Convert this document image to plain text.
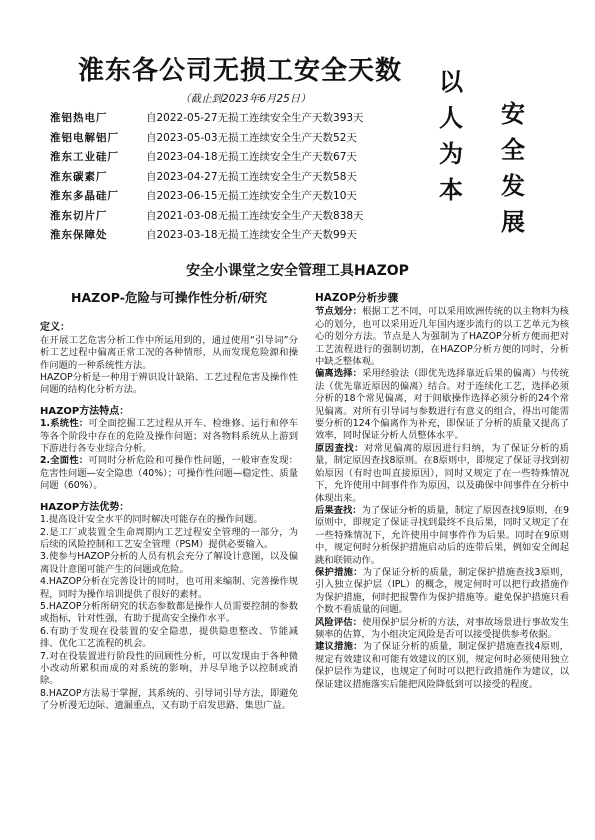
淮东各公司无损工安全天数
（截止到2023年6月25日）
淮铝热电厂	自2022-05-27无损工连续安全生产天数393天
淮铝电解铝厂	自2023-05-03无损工连续安全生产天数52天
淮东工业硅厂	自2023-04-18无损工连续安全生产天数67天
淮东碳素厂	自2023-04-27无损工连续安全生产天数58天
淮东多晶硅厂	自2023-06-15无损工连续安全生产天数10天
淮东切片厂	自2021-03-08无损工连续安全生产天数838天
淮东保障处	自2023-03-18无损工连续安全生产天数99天
以
人
为
本
安
全
发
展
安全小课堂之安全管理工具HAZOP
HAZOP-危险与可操作性分析/研究
定义：

在开展工艺危害分析工作中所运用到的，通过使用“引导词”分析工艺过程中偏离正常工况的各种情形，从而发现危险源和操作问题的一种系统性方法。

HAZOP分析是一种用于辨识设计缺陷、工艺过程危害及操作性问题的结构化分析方法。

HAZOP方法特点：

1.系统性：可全面挖掘工艺过程从开车、检维修、运行和停车等各个阶段中存在的危险及操作问题；对各物料系统从上游到下游进行各专业综合分析。

2.全面性：可同时分析危险和可操作性问题，一般审查发现：危害性问题—安全隐患（40%）；可操作性问题—稳定性、质量问题（60%）。

HAZOP方法优势：

1.提高设计安全水平的同时解决可能存在的操作问题。

2.是工厂或装置全生命周期内工艺过程安全管理的一部分，为后续的风险控制和工艺安全管理（PSM）提供必要输入。

3.使参与HAZOP分析的人员有机会充分了解设计意图，以及偏离设计意图可能产生的问题或危险。

4.HAZOP分析在完善设计的同时，也可用来编制、完善操作规程，同时为操作培训提供了很好的素材。

5.HAZOP分析所研究的状态参数都是操作人员需要控制的参数或指标，针对性强，有助于提高安全操作水平。

6.有助于发现在役装置的安全隐患，提供隐患整改、节能减排、优化工艺流程的机会。

7.对在役装置进行阶段性的回顾性分析，可以发现由于各种微小改动所累积而成的对系统的影响，并尽早地予以控制或消除。

8.HAZOP方法易于掌握，其系统的、引导词引导方法，即避免了分析漫无边际、遗漏重点，又有助于启发思路、集思广益。

HAZOP分析步骤

节点划分：根据工艺不同，可以采用欧洲传统的以主物料为核心的划分，也可以采用近几年国内逐步流行的以工艺单元为核心的划分方法。节点是人为强制为了HAZOP分析方便而把对工艺流程进行的强制切割，在HAZOP分析方便的同时，分析中缺乏整体观。

偏离选择：采用经验法（即优先选择靠近后果的偏离）与传统法（优先靠近原因的偏离）结合。对于连续化工艺，选择必须分析的18个常见偏离，对于间歇操作选择必须分析的24个常见偏离。对所有引导词与参数进行有意义的组合，得出可能需要分析的124个偏离作为补充，即保证了分析的质量又提高了效率，同时保证分析人员整体水平。

原因查找：对常见偏离的原因进行归纳，为了保证分析的质量，制定原因查找8原则。在8原则中，即规定了保证寻找到初始原因（有时也叫直接原因），同时又规定了在一些特殊情况下，允许使用中间事件作为原因，以及确保中间事件在分析中体现出来。

后果查找：为了保证分析的质量，制定了原因查找9原则，在9原则中，即规定了保证寻找到最终不良后果，同时又规定了在一些特殊情况下，允许使用中间事件作为后果。同时在9原则中，规定何时分析保护措施启动后的连带后果，例如安全阀起跳和联锁动作。

保护措施：为了保证分析的质量，制定保护措施查找3原则，引入独立保护层（IPL）的概念，规定何时可以把行政措施作为保护措施，何时把报警作为保护措施等。避免保护措施只看个数不看质量的问题。

风险评估：使用保护层分析的方法，对事故场景进行事故发生频率的估算，为小组决定风险是否可以接受提供参考依据。

建议措施：为了保证分析的质量，制定保护措施查找4原则，规定有效建议和可能有效建议的区别，规定何时必须使用独立保护层作为建议，也规定了何时可以把行政措施作为建议，以保证建议措施落实后能把风险降低到可以接受的程度。
